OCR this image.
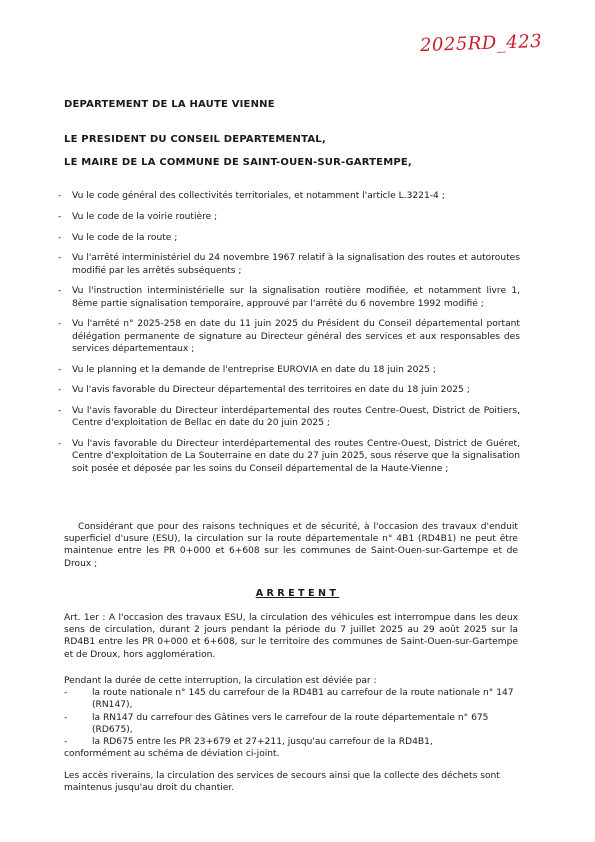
2025RD_423
DEPARTEMENT DE LA HAUTE VIENNE
LE PRESIDENT DU CONSEIL DEPARTEMENTAL,
LE MAIRE DE LA COMMUNE DE SAINT-OUEN-SUR-GARTEMPE,
-	Vu le code général des collectivités territoriales, et notamment l'article L.3221-4 ;
-	Vu le code de la voirie routière ;
-	Vu le code de la route ;
-	Vu l'arrêté interministériel du 24 novembre 1967 relatif à la signalisation des routes et autoroutes modifié par les arrêtés subséquents ;
-	Vu l'instruction interministérielle sur la signalisation routière modifiée, et notamment livre 1, 8ème partie signalisation temporaire, approuvé par l'arrêté du 6 novembre 1992 modifié ;
-	Vu l'arrêté n° 2025-258 en date du 11 juin 2025 du Président du Conseil départemental portant délégation permanente de signature au Directeur général des services et aux responsables des services départementaux ;
-	Vu le planning et la demande de l'entreprise EUROVIA en date du 18 juin 2025 ;
-	Vu l'avis favorable du Directeur départemental des territoires en date du 18 juin 2025 ;
-	Vu l'avis favorable du Directeur interdépartemental des routes Centre-Ouest, District de Poitiers, Centre d'exploitation de Bellac en date du 20 juin 2025 ;
-	Vu l'avis favorable du Directeur interdépartemental des routes Centre-Ouest, District de Guéret, Centre d'exploitation de La Souterraine en date du 27 juin 2025, sous réserve que la signalisation soit posée et déposée par les soins du Conseil départemental de la Haute-Vienne ;
Considérant que pour des raisons techniques et de sécurité, à l'occasion des travaux d'enduit superficiel d'usure (ESU), la circulation sur la route départementale n° 4B1 (RD4B1) ne peut être maintenue entre les PR 0+000 et 6+608 sur les communes de Saint-Ouen-sur-Gartempe et de Droux ;
ARRETENT
Art. 1er : A l'occasion des travaux ESU, la circulation des véhicules est interrompue dans les deux sens de circulation, durant 2 jours pendant la période du 7 juillet 2025 au 29 août 2025 sur la RD4B1 entre les PR 0+000 et 6+608, sur le territoire des communes de Saint-Ouen-sur-Gartempe et de Droux, hors agglomération.
Pendant la durée de cette interruption, la circulation est déviée par :
-	la route nationale n° 145 du carrefour de la RD4B1 au carrefour de la route nationale n° 147 (RN147),
-	la RN147 du carrefour des Gâtines vers le carrefour de la route départementale n° 675 (RD675),
-	la RD675 entre les PR 23+679 et 27+211, jusqu'au carrefour de la RD4B1,
conformément au schéma de déviation ci-joint.
Les accès riverains, la circulation des services de secours ainsi que la collecte des déchets sont maintenus jusqu'au droit du chantier.
